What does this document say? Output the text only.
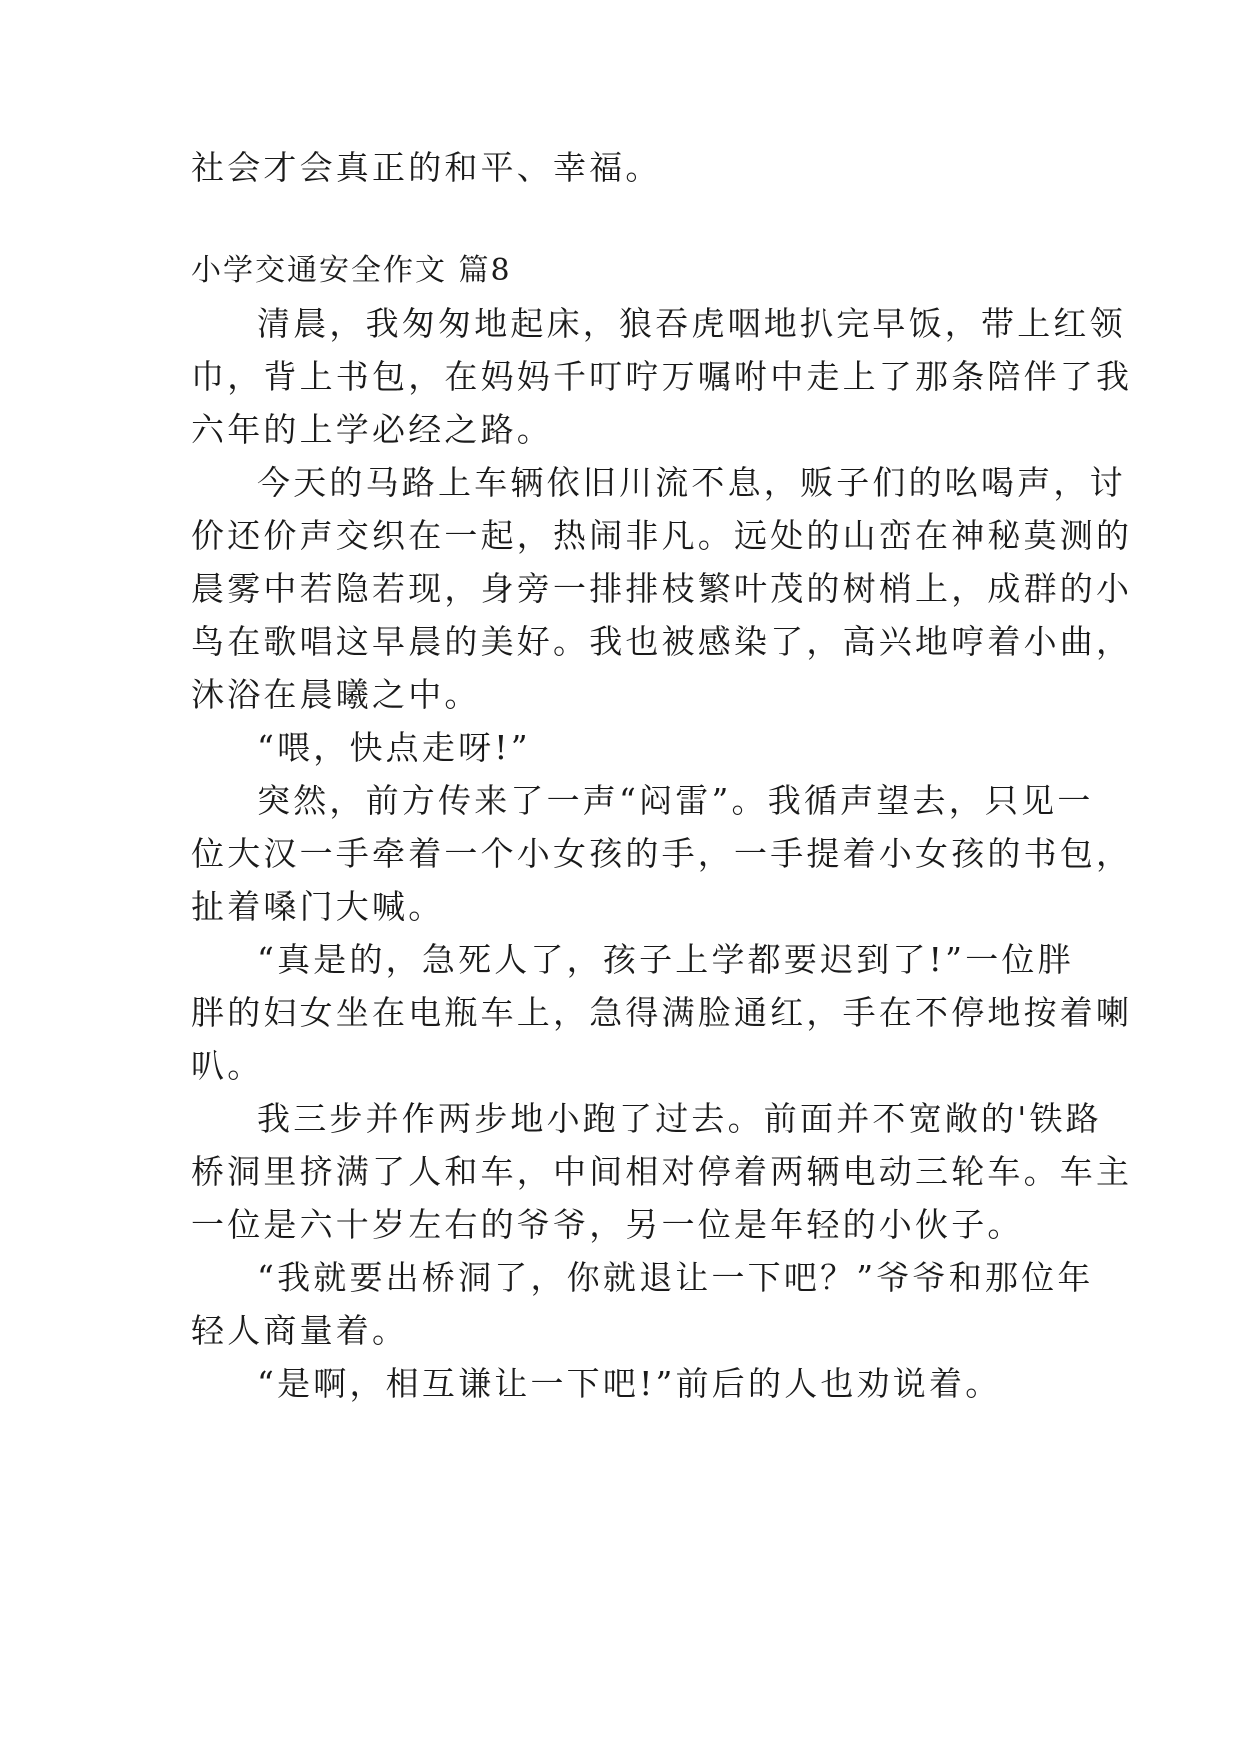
社会才会真正的和平、幸福。
小学交通安全作文 篇8
清晨，我匆匆地起床，狼吞虎咽地扒完早饭，带上红领
巾，背上书包，在妈妈千叮咛万嘱咐中走上了那条陪伴了我
六年的上学必经之路。
今天的马路上车辆依旧川流不息，贩子们的吆喝声，讨
价还价声交织在一起，热闹非凡。远处的山峦在神秘莫测的
晨雾中若隐若现，身旁一排排枝繁叶茂的树梢上，成群的小
鸟在歌唱这早晨的美好。我也被感染了，高兴地哼着小曲，
沐浴在晨曦之中。
“喂，快点走呀!”
突然，前方传来了一声“闷雷”。我循声望去，只见一
位大汉一手牵着一个小女孩的手，一手提着小女孩的书包，
扯着嗓门大喊。
“真是的，急死人了，孩子上学都要迟到了!”一位胖
胖的妇女坐在电瓶车上，急得满脸通红，手在不停地按着喇
叭。
我三步并作两步地小跑了过去。前面并不宽敞的'铁路
桥洞里挤满了人和车，中间相对停着两辆电动三轮车。车主
一位是六十岁左右的爷爷，另一位是年轻的小伙子。
“我就要出桥洞了，你就退让一下吧？”爷爷和那位年
轻人商量着。
“是啊，相互谦让一下吧!”前后的人也劝说着。
